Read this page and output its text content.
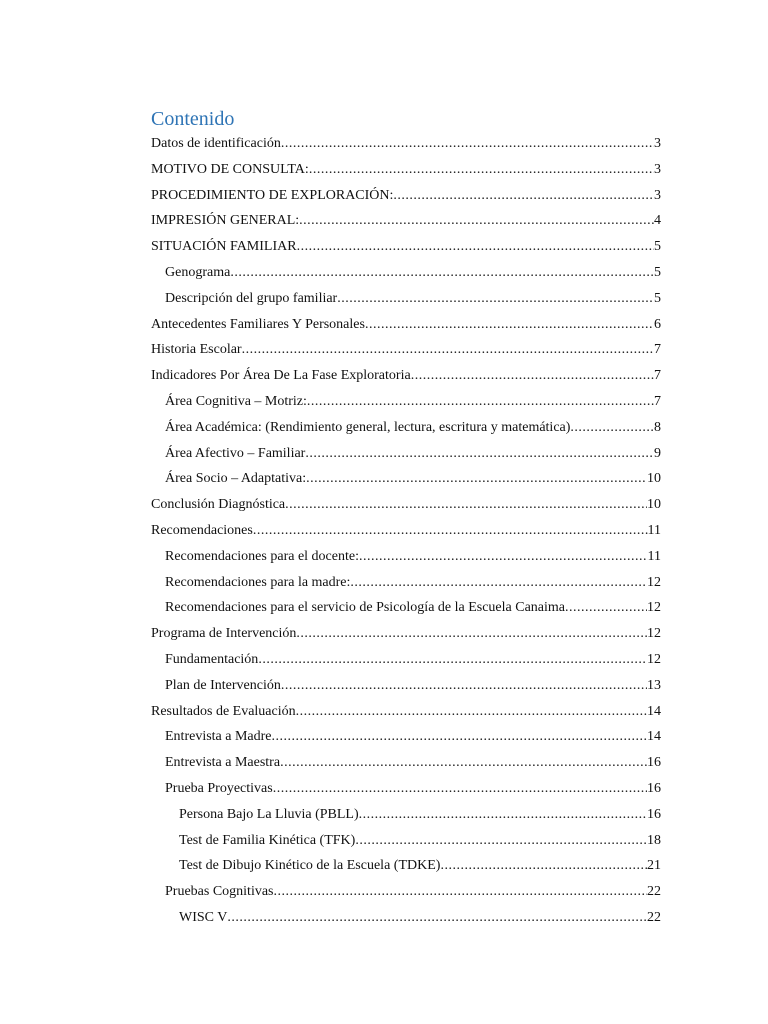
Contenido
Datos de identificación .....	3
MOTIVO DE CONSULTA: .....	3
PROCEDIMIENTO DE EXPLORACIÓN: .....	3
IMPRESIÓN GENERAL: .....	4
SITUACIÓN FAMILIAR .....	5
Genograma .....	5
Descripción del grupo familiar .....	5
Antecedentes Familiares Y Personales .....	6
Historia Escolar .....	7
Indicadores Por Área De La Fase Exploratoria .....	7
Área Cognitiva – Motriz: .....	7
Área Académica: (Rendimiento general, lectura, escritura y matemática) .....	8
Área Afectivo – Familiar .....	9
Área Socio – Adaptativa: .....	10
Conclusión Diagnóstica .....	10
Recomendaciones .....	11
Recomendaciones para el docente: .....	11
Recomendaciones para la madre: .....	12
Recomendaciones para el servicio de Psicología de la Escuela Canaima .....	12
Programa de Intervención .....	12
Fundamentación .....	12
Plan de Intervención .....	13
Resultados de Evaluación .....	14
Entrevista a Madre .....	14
Entrevista a Maestra .....	16
Prueba Proyectivas .....	16
Persona Bajo La Lluvia (PBLL) .....	16
Test de Familia Kinética (TFK) .....	18
Test de Dibujo Kinético de la Escuela (TDKE) .....	21
Pruebas Cognitivas .....	22
WISC V .....	22
